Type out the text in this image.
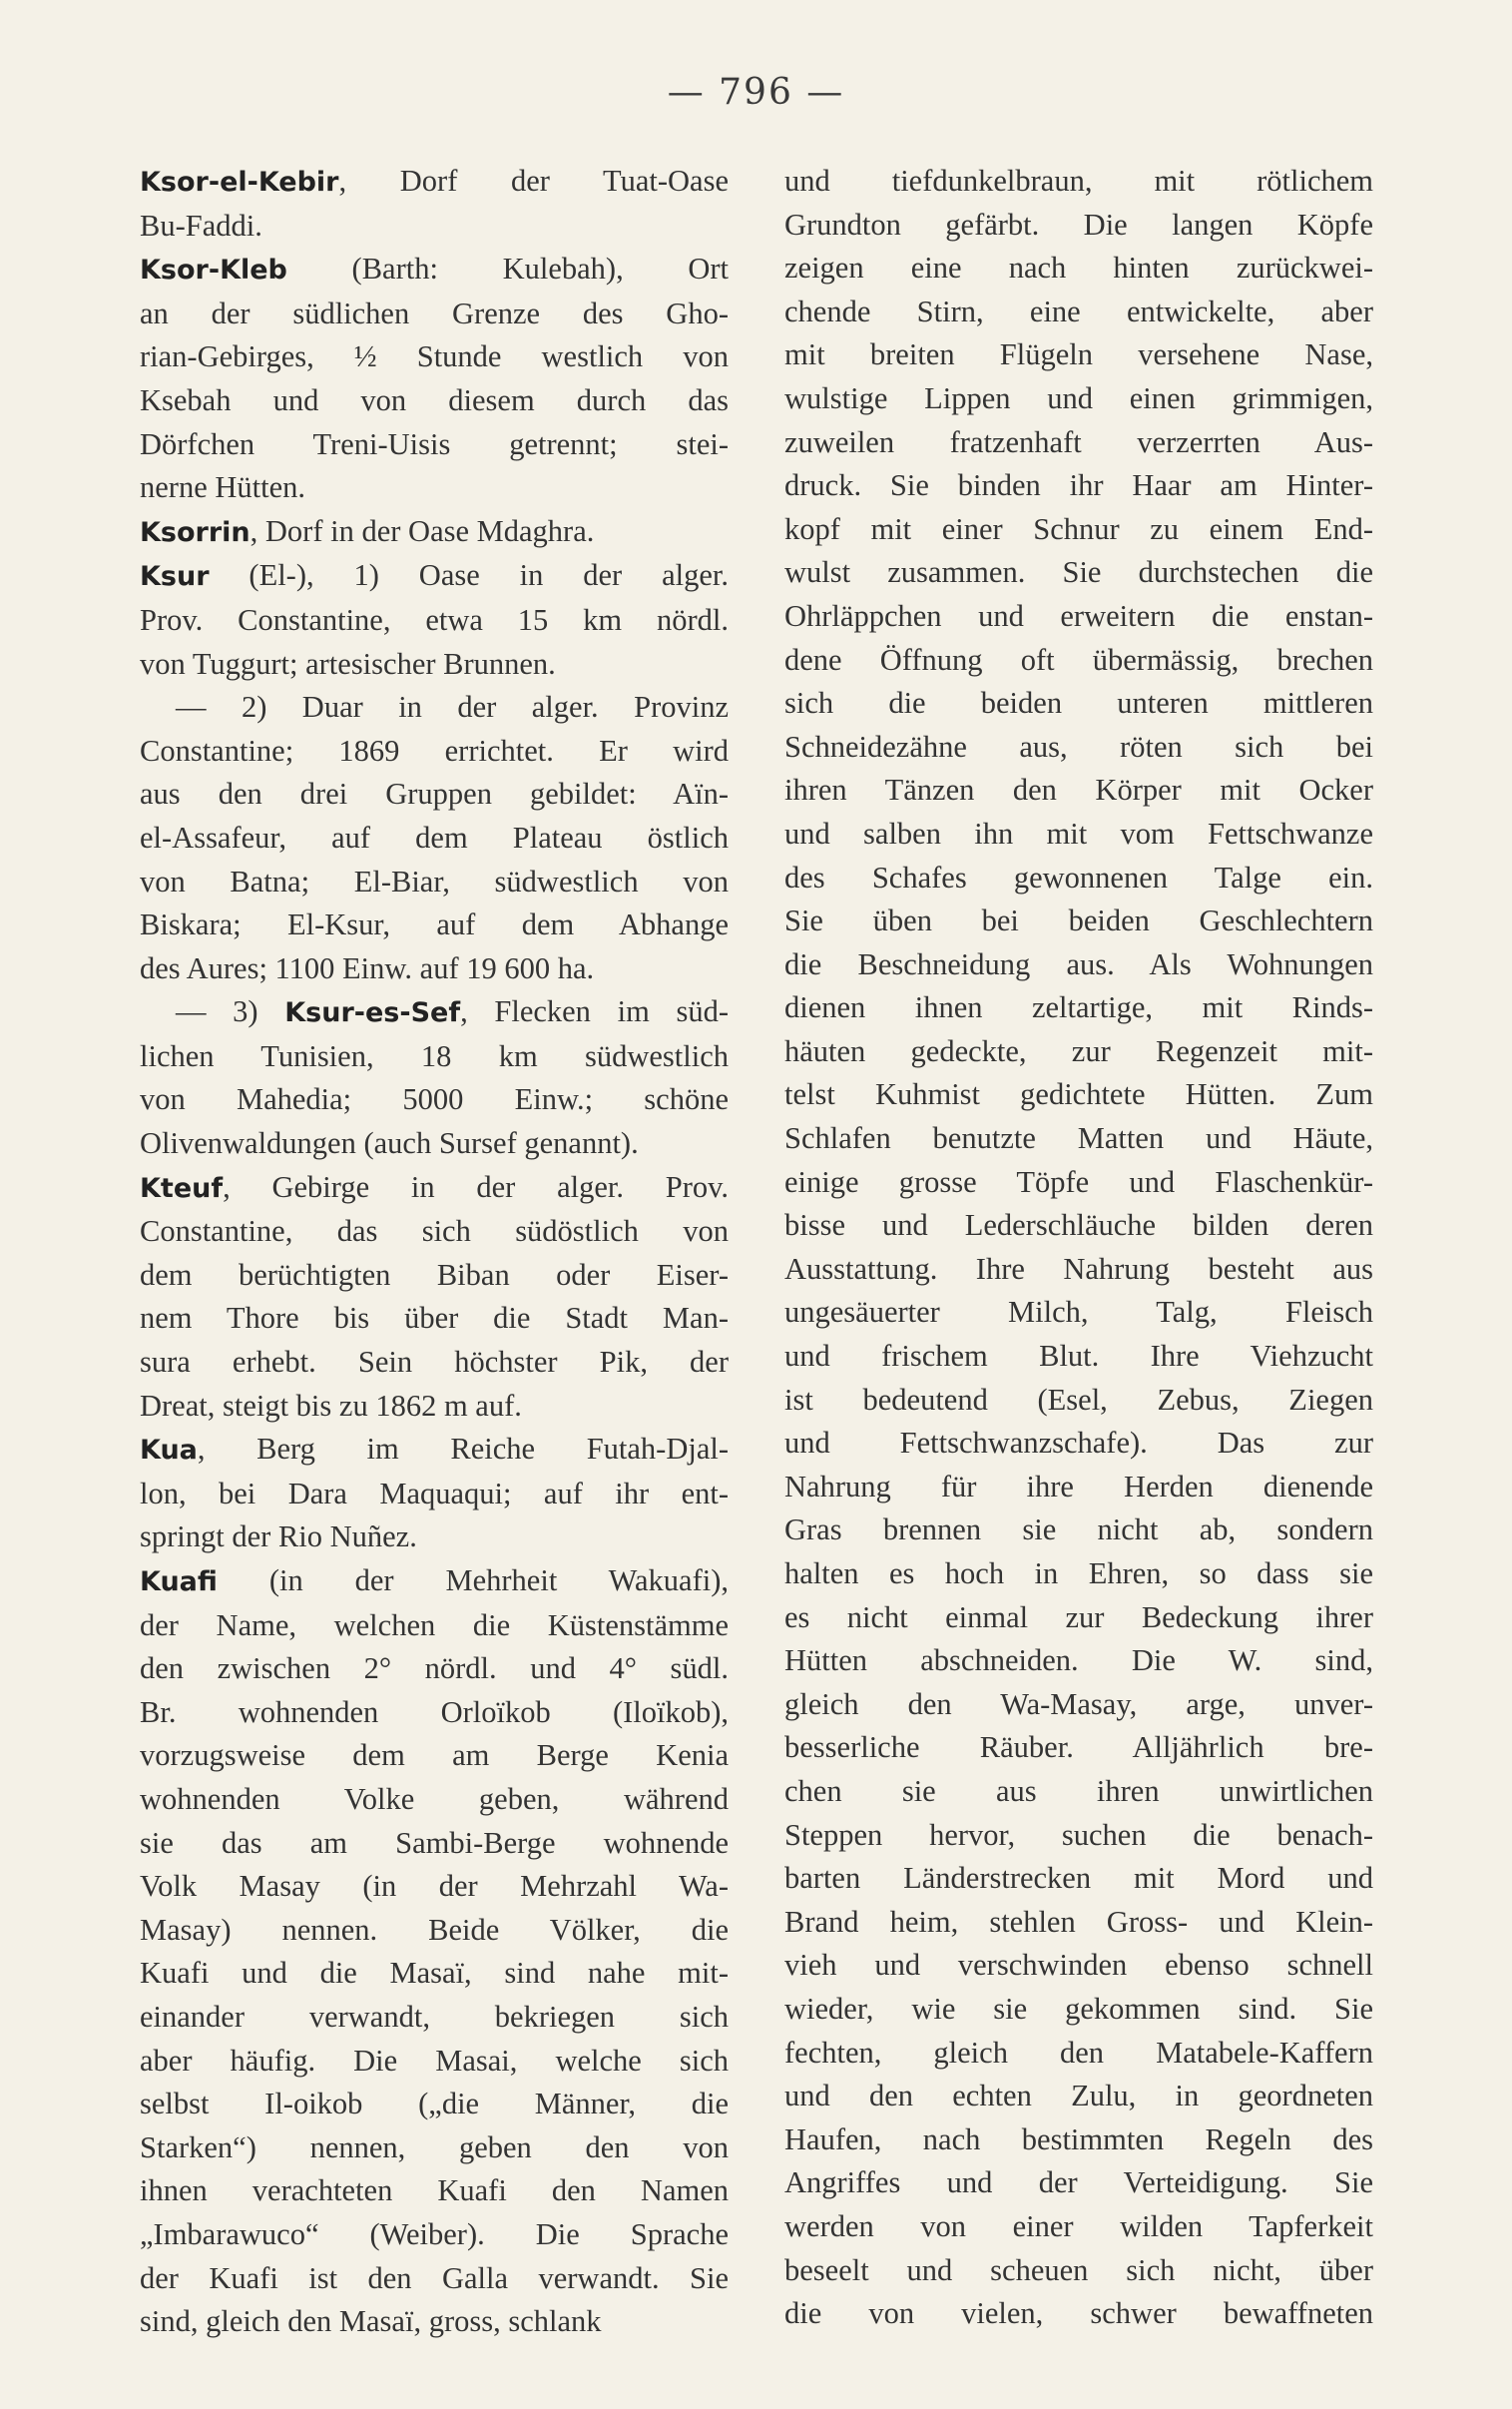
— 796 —
Ksor-el-Kebir, Dorf der Tuat-Oase
Bu-Faddi.
Ksor-Kleb (Barth: Kulebah), Ort
an der südlichen Grenze des Gho-
rian-Gebirges, ½ Stunde westlich von
Ksebah und von diesem durch das
Dörfchen Treni-Uisis getrennt; stei-
nerne Hütten.
Ksorrin, Dorf in der Oase Mdaghra.
Ksur (El-), 1) Oase in der alger.
Prov. Constantine, etwa 15 km nördl.
von Tuggurt; artesischer Brunnen.
— 2) Duar in der alger. Provinz
Constantine; 1869 errichtet. Er wird
aus den drei Gruppen gebildet: Aïn-
el-Assafeur, auf dem Plateau östlich
von Batna; El-Biar, südwestlich von
Biskara; El-Ksur, auf dem Abhange
des Aures; 1100 Einw. auf 19 600 ha.
— 3) Ksur-es-Sef, Flecken im süd-
lichen Tunisien, 18 km südwestlich
von Mahedia; 5000 Einw.; schöne
Olivenwaldungen (auch Sursef genannt).
Kteuf, Gebirge in der alger. Prov.
Constantine, das sich südöstlich von
dem berüchtigten Biban oder Eiser-
nem Thore bis über die Stadt Man-
sura erhebt. Sein höchster Pik, der
Dreat, steigt bis zu 1862 m auf.
Kua, Berg im Reiche Futah-Djal-
lon, bei Dara Maquaqui; auf ihr ent-
springt der Rio Nuñez.
Kuafi (in der Mehrheit Wakuafi),
der Name, welchen die Küstenstämme
den zwischen 2° nördl. und 4° südl.
Br. wohnenden Orloïkob (Iloïkob),
vorzugsweise dem am Berge Kenia
wohnenden Volke geben, während
sie das am Sambi-Berge wohnende
Volk Masay (in der Mehrzahl Wa-
Masay) nennen. Beide Völker, die
Kuafi und die Masaï, sind nahe mit-
einander verwandt, bekriegen sich
aber häufig. Die Masai, welche sich
selbst Il-oikob („die Männer, die
Starken“) nennen, geben den von
ihnen verachteten Kuafi den Namen
„Imbarawuco“ (Weiber). Die Sprache
der Kuafi ist den Galla verwandt. Sie
sind, gleich den Masaï, gross, schlank
und tiefdunkelbraun, mit rötlichem
Grundton gefärbt. Die langen Köpfe
zeigen eine nach hinten zurückwei-
chende Stirn, eine entwickelte, aber
mit breiten Flügeln versehene Nase,
wulstige Lippen und einen grimmigen,
zuweilen fratzenhaft verzerrten Aus-
druck. Sie binden ihr Haar am Hinter-
kopf mit einer Schnur zu einem End-
wulst zusammen. Sie durchstechen die
Ohrläppchen und erweitern die enstan-
dene Öffnung oft übermässig, brechen
sich die beiden unteren mittleren
Schneidezähne aus, röten sich bei
ihren Tänzen den Körper mit Ocker
und salben ihn mit vom Fettschwanze
des Schafes gewonnenen Talge ein.
Sie üben bei beiden Geschlechtern
die Beschneidung aus. Als Wohnungen
dienen ihnen zeltartige, mit Rinds-
häuten gedeckte, zur Regenzeit mit-
telst Kuhmist gedichtete Hütten. Zum
Schlafen benutzte Matten und Häute,
einige grosse Töpfe und Flaschenkür-
bisse und Lederschläuche bilden deren
Ausstattung. Ihre Nahrung besteht aus
ungesäuerter Milch, Talg, Fleisch
und frischem Blut. Ihre Viehzucht
ist bedeutend (Esel, Zebus, Ziegen
und Fettschwanzschafe). Das zur
Nahrung für ihre Herden dienende
Gras brennen sie nicht ab, sondern
halten es hoch in Ehren, so dass sie
es nicht einmal zur Bedeckung ihrer
Hütten abschneiden. Die W. sind,
gleich den Wa-Masay, arge, unver-
besserliche Räuber. Alljährlich bre-
chen sie aus ihren unwirtlichen
Steppen hervor, suchen die benach-
barten Länderstrecken mit Mord und
Brand heim, stehlen Gross- und Klein-
vieh und verschwinden ebenso schnell
wieder, wie sie gekommen sind. Sie
fechten, gleich den Matabele-Kaffern
und den echten Zulu, in geordneten
Haufen, nach bestimmten Regeln des
Angriffes und der Verteidigung. Sie
werden von einer wilden Tapferkeit
beseelt und scheuen sich nicht, über
die von vielen, schwer bewaffneten
